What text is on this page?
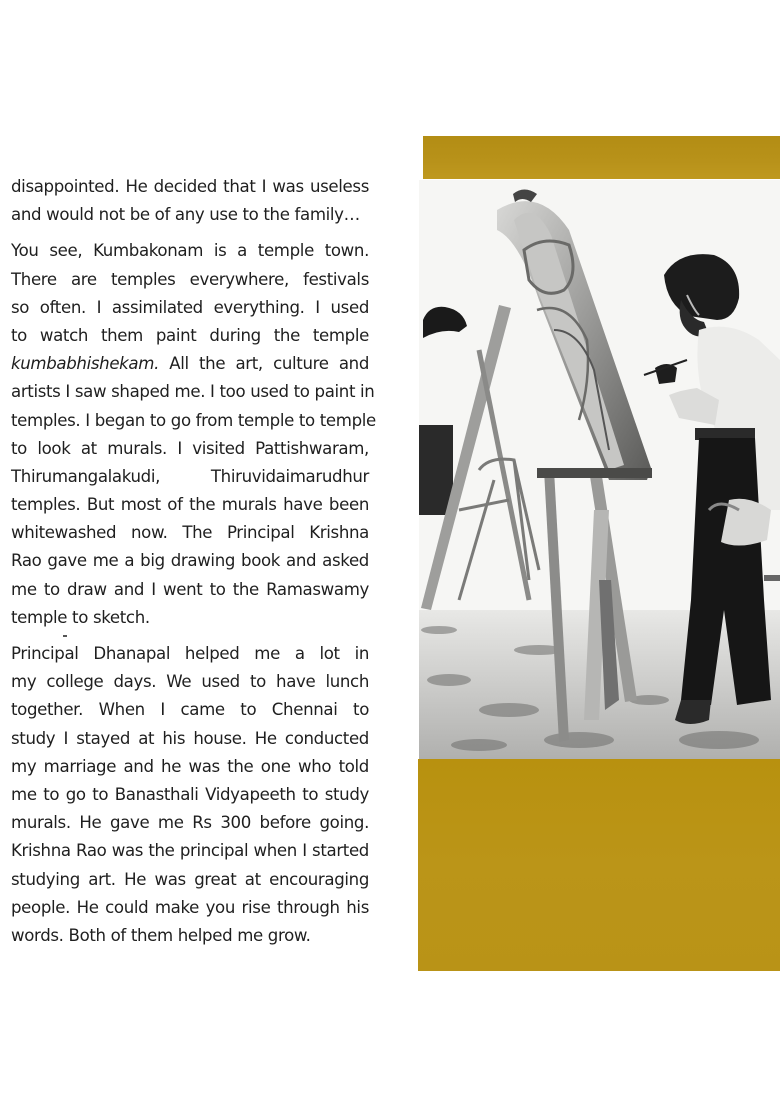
disappointed. He decided that I was useless
and would not be of any use to the family…
You see, Kumbakonam is a temple town.
There are temples everywhere, festivals
so often. I assimilated everything. I used
to watch them paint during the temple
kumbabhishekam. All the art, culture and
artists I saw shaped me. I too used to paint in
temples. I began to go from temple to temple
to look at murals. I visited Pattishwaram,
Thirumangalakudi,          Thiruvidaimarudhur
temples. But most of the murals have been
whitewashed now. The Principal Krishna
Rao gave me a big drawing book and asked
me to draw and I went to the Ramaswamy
temple to sketch.
Principal Dhanapal helped me a lot in
my college days. We used to have lunch
together. When I came to Chennai to
study I stayed at his house. He conducted
my marriage and he was the one who told
me to go to Banasthali Vidyapeeth to study
murals. He gave me Rs 300 before going.
Krishna Rao was the principal when I started
studying art. He was great at encouraging
people. He could make you rise through his
words. Both of them helped me grow.
